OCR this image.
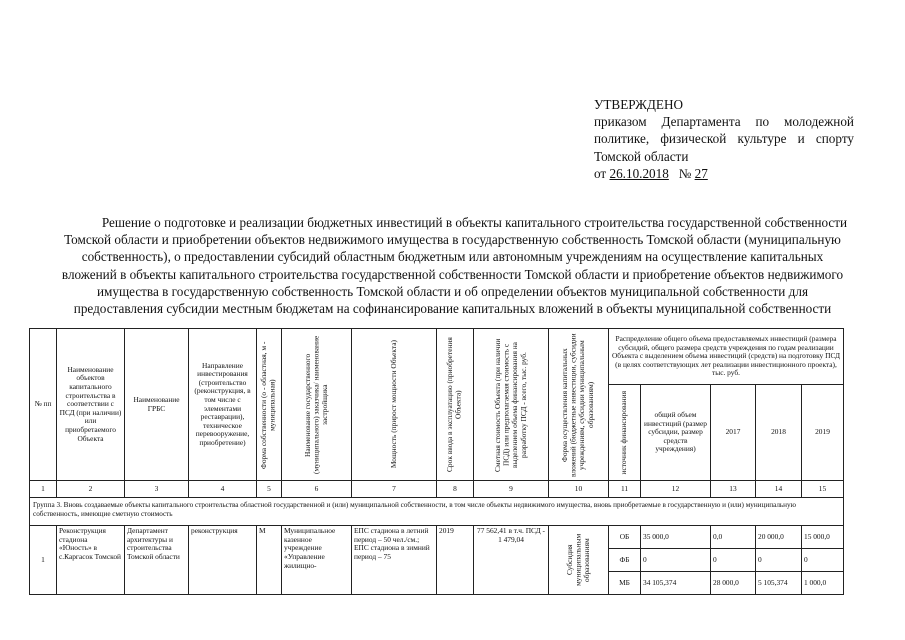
УТВЕРЖДЕНО
приказом Департамента по молодежной
политике, физической культуре и спорту
Томской области
от 26.10.2018 № 27
Решение о подготовке и реализации бюджетных инвестиций в объекты капитального строительства государственной собственности
Томской области и приобретении объектов недвижимого имущества в государственную собственность Томской области (муниципальную
собственность), о предоставлении субсидий областным бюджетным или автономным учреждениям на осуществление капитальных
вложений в объекты капитального строительства государственной собственности Томской области и приобретение объектов недвижимого
имущества в государственную собственность Томской области и об определении объектов муниципальной собственности для
предоставления субсидии местным бюджетам на софинансирование капитальных вложений в объекты муниципальной собственности
№ пп	Наименование объектов капитального строительства в соответствии с ПСД (при наличии) или приобретаемого Объекта	Наименование ГРБС	Направление инвестирования (строительство (реконструкция, в том числе с элементами реставрации), техническое перевооружение, приобретение)	Форма собственности (о - областная, м - муниципальная)	Наименование государственного (муниципального) заказчика/ наименование застройщика	Мощность (прирост мощности Объекта)	Срок ввода в эксплуатацию (приобретения Объекта)	Сметная стоимость Объекта (при наличии ПСД) или предполагаемая стоимость с выделением объема финансирования на разработку ПСД - всего, тыс. руб.	Форма осуществления капитальных вложений (бюджетные инвестиции, субсидии учреждениям, субсидии муниципальным образованиям)	Распределение общего объема предоставляемых инвестиций (размера субсидий, общего размера средств учреждения по годам реализации Объекта с выделением объема инвестиций (средств) на подготовку ПСД (в целях соответствующих лет реализации инвестиционного проекта), тыс. руб.				

										источник финансирования	общий объем инвестиций (размер субсидии, размер средств учреждения)	2017	2018	2019
1	2	3	4	5	6	7	8	9	10	11	12	13	14	15
Группа 3. Вновь создаваемые объекты капитального строительства областной государственной и (или) муниципальной собственности, в том числе объекты недвижимого имущества, вновь приобретаемые в государственную и (или) муниципальную собственность, имеющие сметную стоимость														
1	Реконструкция стадиона «Юность» в с.Каргасок Томской	Департамент архитектуры и строительства Томской области	реконструкция	М	Муниципальное казенное учреждение «Управление жилищно-	ЕПС стадиона в летний период – 50 чел./см.; ЕПС стадиона в зимний период – 75	2019	77 562,41 в т.ч. ПСД - 1 479,04	Субсидия муниципальным образованиям	ОБ	35 000,0	0,0	20 000,0	15 000,0
										ФБ	0	0	0	0
										МБ	34 105,374	28 000,0	5 105,374	1 000,0
